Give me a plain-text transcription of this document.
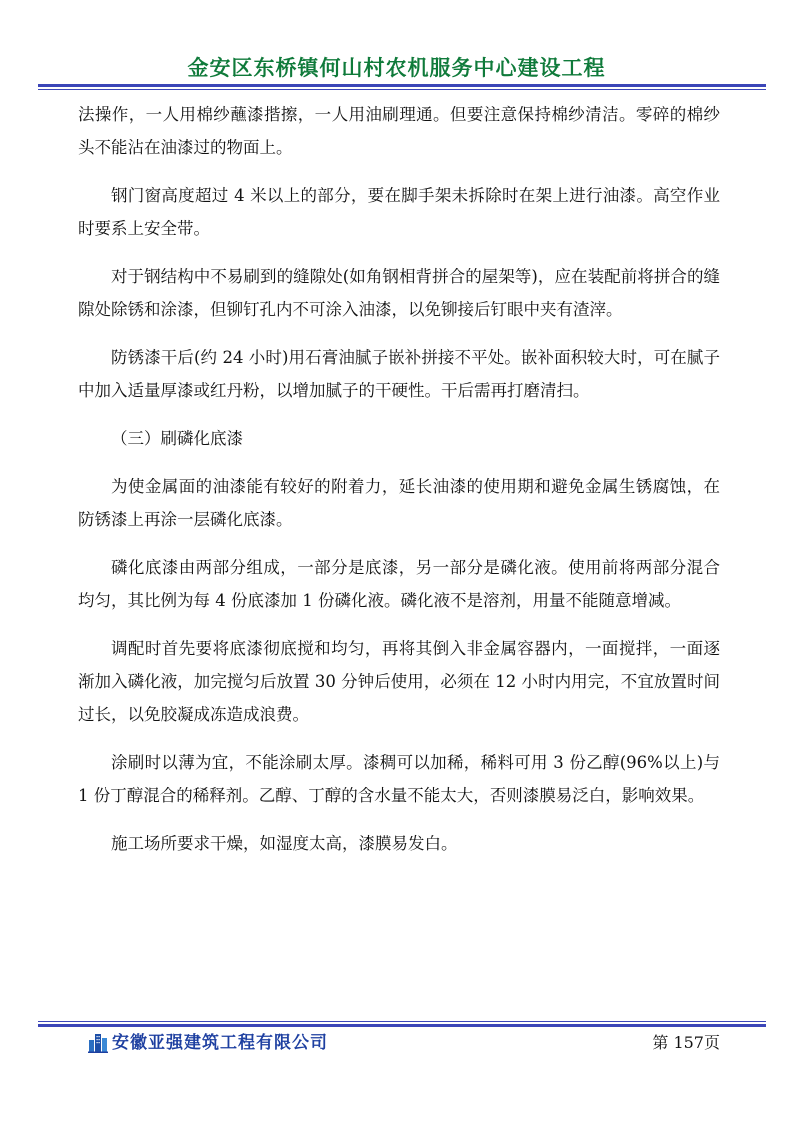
金安区东桥镇何山村农机服务中心建设工程

法操作，一人用棉纱蘸漆揩擦，一人用油刷理通。但要注意保持棉纱清洁。零碎的棉纱头不能沾在油漆过的物面上。

钢门窗高度超过 4 米以上的部分，要在脚手架未拆除时在架上进行油漆。高空作业时要系上安全带。

对于钢结构中不易刷到的缝隙处(如角钢相背拼合的屋架等)，应在装配前将拼合的缝隙处除锈和涂漆，但铆钉孔内不可涂入油漆，以免铆接后钉眼中夹有渣滓。

防锈漆干后(约 24 小时)用石膏油腻子嵌补拼接不平处。嵌补面积较大时，可在腻子中加入适量厚漆或红丹粉，以增加腻子的干硬性。干后需再打磨清扫。

（三）刷磷化底漆

为使金属面的油漆能有较好的附着力，延长油漆的使用期和避免金属生锈腐蚀，在防锈漆上再涂一层磷化底漆。

磷化底漆由两部分组成，一部分是底漆，另一部分是磷化液。使用前将两部分混合均匀，其比例为每 4 份底漆加 1 份磷化液。磷化液不是溶剂，用量不能随意增减。

调配时首先要将底漆彻底搅和均匀，再将其倒入非金属容器内，一面搅拌，一面逐渐加入磷化液，加完搅匀后放置 30 分钟后使用，必须在 12 小时内用完，不宜放置时间过长，以免胶凝成冻造成浪费。

涂刷时以薄为宜，不能涂刷太厚。漆稠可以加稀，稀料可用 3 份乙醇(96%以上)与 1 份丁醇混合的稀释剂。乙醇、丁醇的含水量不能太大，否则漆膜易泛白，影响效果。

施工场所要求干燥，如湿度太高，漆膜易发白。

安徽亚强建筑工程有限公司	第 157页
